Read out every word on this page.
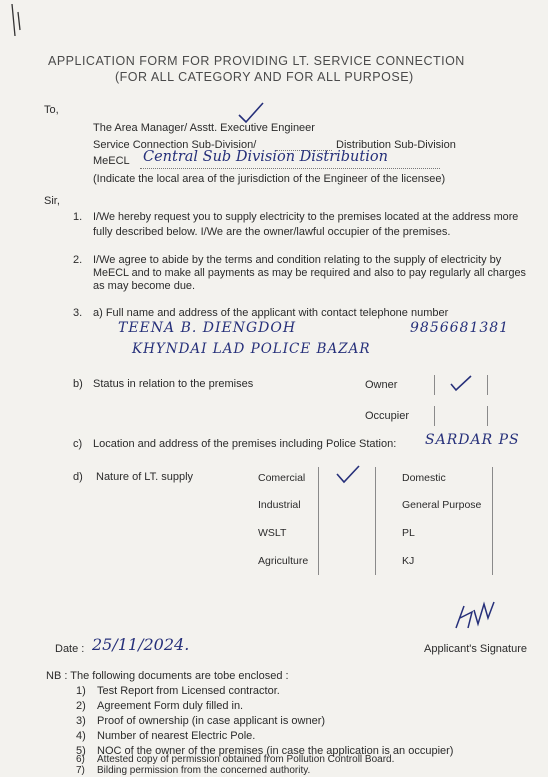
APPLICATION FORM FOR PROVIDING LT. SERVICE CONNECTION
(FOR ALL CATEGORY AND FOR ALL PURPOSE)
To,
The Area Manager/ Asstt. Executive Engineer
Service Connection Sub-Division/	Distribution Sub-Division
MeECL Central Sub Division Distribution
(Indicate the local area of the jurisdiction of the Engineer of the licensee)
Sir,
1. I/We hereby request you to supply electricity to the premises located at the address more
fully described below. I/We are the owner/lawful occupier of the premises.
2. I/We agree to abide by the terms and condition relating to the supply of electricity by
MeECL and to make all payments as may be required and also to pay regularly all charges
as may become due.
3. a) Full name and address of the applicant with contact telephone number
TEENA B. DIENGDOH	9856681381
KHYNDAI LAD POLICE BAZAR
b) Status in relation to the premises	Owner
Occupier
c) Location and address of the premises including Police Station: SARDAR PS
d) Nature of LT. supply	Comercial	Domestic
Industrial	General Purpose
WSLT	PL
Agriculture	KJ
Date : 25/11/2024.	Applicant's Signature
NB : The following documents are tobe enclosed :
1) Test Report from Licensed contractor.
2) Agreement Form duly filled in.
3) Proof of ownership (in case applicant is owner)
4) Number of nearest Electric Pole.
5) NOC of the owner of the premises (in case the application is an occupier)
6) Attested copy of permission obtained from Pollution Controll Board.
7) Bilding permission from the concerned authority.
